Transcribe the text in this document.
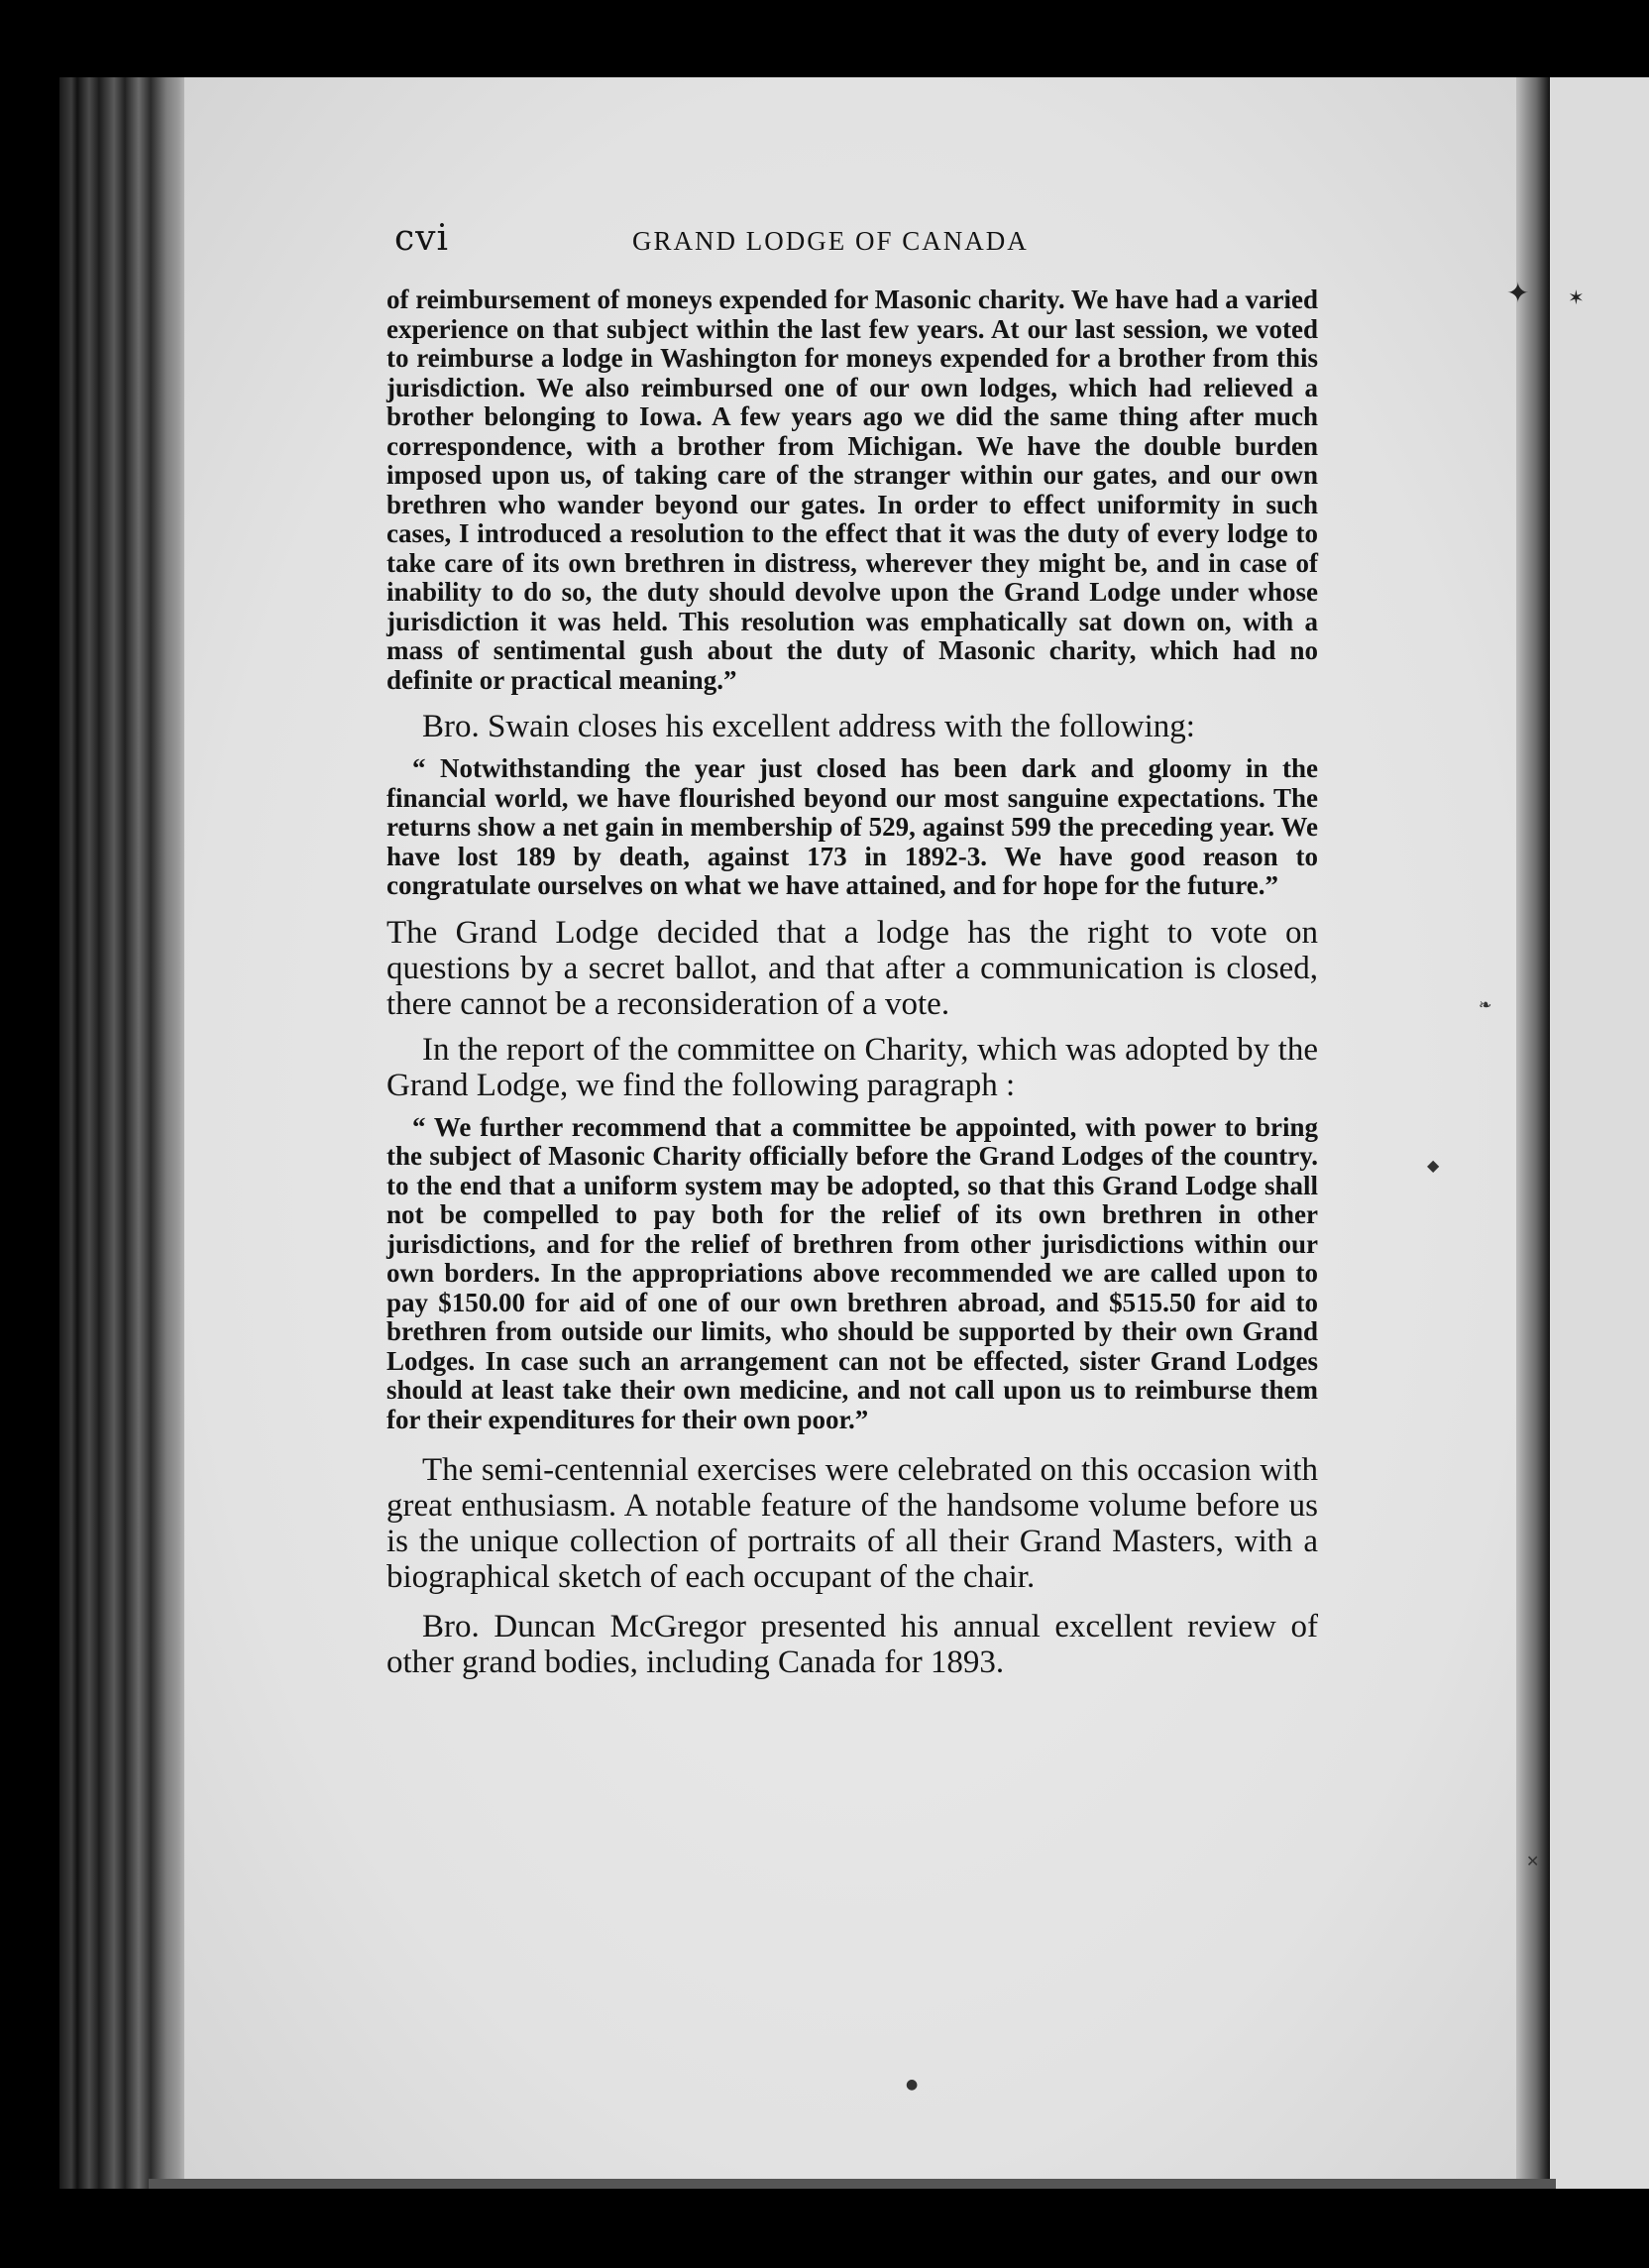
✦ ✶
❧
◆
✕
●
cvi	GRAND LODGE OF CANADA

of reimbursement of moneys expended for Masonic charity. We have had a varied experience on that subject within the last few years. At our last session, we voted to reimburse a lodge in Washington for moneys expended for a brother from this jurisdiction. We also reimbursed one of our own lodges, which had relieved a brother belonging to Iowa. A few years ago we did the same thing after much correspondence, with a brother from Michigan. We have the double burden imposed upon us, of taking care of the stranger within our gates, and our own brethren who wander beyond our gates. In order to effect uniformity in such cases, I introduced a resolution to the effect that it was the duty of every lodge to take care of its own brethren in distress, wherever they might be, and in case of inability to do so, the duty should devolve upon the Grand Lodge under whose jurisdiction it was held. This resolution was emphatically sat down on, with a mass of sentimental gush about the duty of Masonic charity, which had no definite or practical meaning.”

Bro. Swain closes his excellent address with the following:

“ Notwithstanding the year just closed has been dark and gloomy in the financial world, we have flourished beyond our most sanguine expectations. The returns show a net gain in membership of 529, against 599 the preceding year. We have lost 189 by death, against 173 in 1892-3. We have good reason to congratulate ourselves on what we have attained, and for hope for the future.”

The Grand Lodge decided that a lodge has the right to vote on questions by a secret ballot, and that after a communication is closed, there cannot be a reconsideration of a vote.

In the report of the committee on Charity, which was adopted by the Grand Lodge, we find the following paragraph :

“ We further recommend that a committee be appointed, with power to bring the subject of Masonic Charity officially before the Grand Lodges of the country. to the end that a uniform system may be adopted, so that this Grand Lodge shall not be compelled to pay both for the relief of its own brethren in other jurisdictions, and for the relief of brethren from other jurisdictions within our own borders. In the appropriations above recommended we are called upon to pay $150.00 for aid of one of our own brethren abroad, and $515.50 for aid to brethren from outside our limits, who should be supported by their own Grand Lodges. In case such an arrangement can not be effected, sister Grand Lodges should at least take their own medicine, and not call upon us to reimburse them for their expenditures for their own poor.”

The semi-centennial exercises were celebrated on this occasion with great enthusiasm. A notable feature of the handsome volume before us is the unique collection of portraits of all their Grand Masters, with a biographical sketch of each occupant of the chair.

Bro. Duncan McGregor presented his annual excellent review of other grand bodies, including Canada for 1893.
